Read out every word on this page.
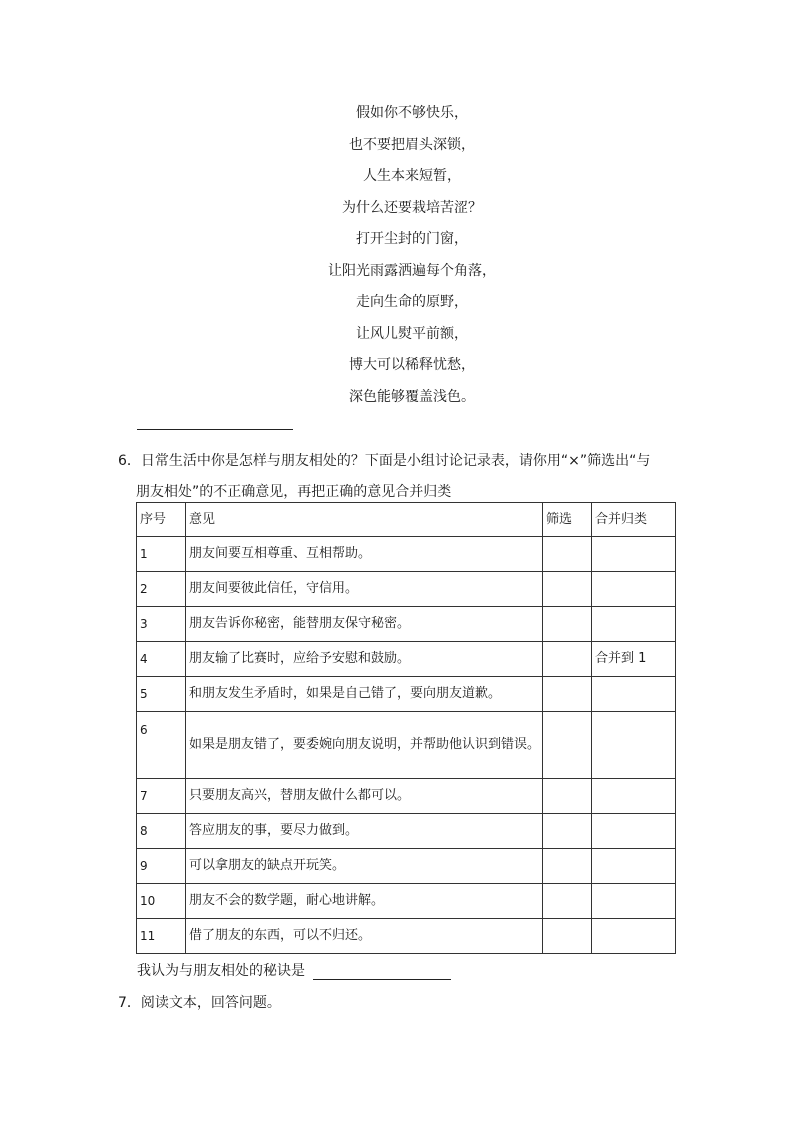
假如你不够快乐，
也不要把眉头深锁，
人生本来短暂，
为什么还要栽培苦涩？
打开尘封的门窗，
让阳光雨露洒遍每个角落，
走向生命的原野，
让风儿熨平前额，
博大可以稀释忧愁，
深色能够覆盖浅色。
6．日常生活中你是怎样与朋友相处的？下面是小组讨论记录表，请你用“×”筛选出“与
朋友相处”的不正确意见，再把正确的意见合并归类
序号	意见	筛选	合并归类
1	朋友间要互相尊重、互相帮助。		
2	朋友间要彼此信任，守信用。		
3	朋友告诉你秘密，能替朋友保守秘密。		
4	朋友输了比赛时，应给予安慰和鼓励。		合并到 1
5	和朋友发生矛盾时，如果是自己错了，要向朋友道歉。		
6	如果是朋友错了，要委婉向朋友说明，并帮助他认识到错误。		
7	只要朋友高兴，替朋友做什么都可以。		
8	答应朋友的事，要尽力做到。		
9	可以拿朋友的缺点开玩笑。		
10	朋友不会的数学题，耐心地讲解。		
11	借了朋友的东西，可以不归还。		
我认为与朋友相处的秘诀是
7．阅读文本，回答问题。
